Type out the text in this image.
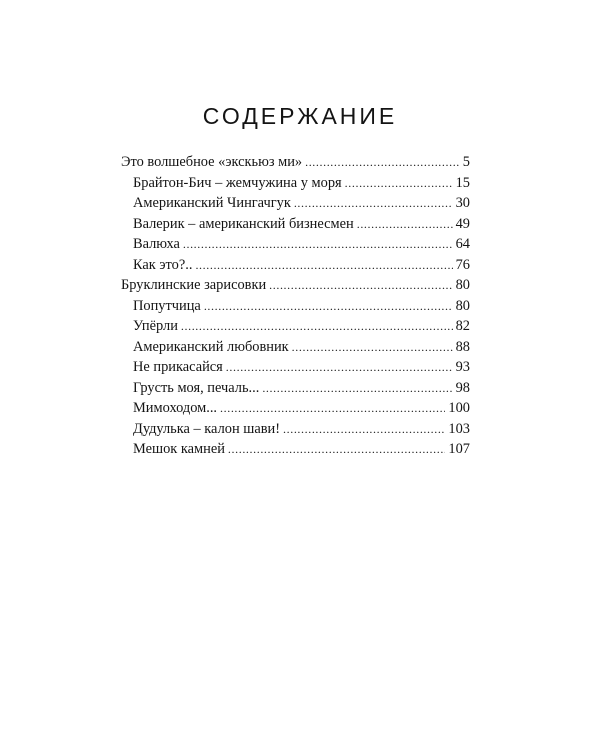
СОДЕРЖАНИЕ
Это волшебное «экскьюз ми» . . .	5
Брайтон-Бич – жемчужина у моря . . .	15
Американский Чингачгук . . .	30
Валерик – американский бизнесмен . . .	49
Валюха . . .	64
Как это?.. . . .	76
Бруклинские зарисовки . . .	80
Попутчица . . .	80
Упёрли . . .	82
Американский любовник . . .	88
Не прикасайся . . .	93
Грусть моя, печаль... . . .	98
Мимоходом... . . .	100
Дудулька – калон шави! . . .	103
Мешок камней . . .	107
